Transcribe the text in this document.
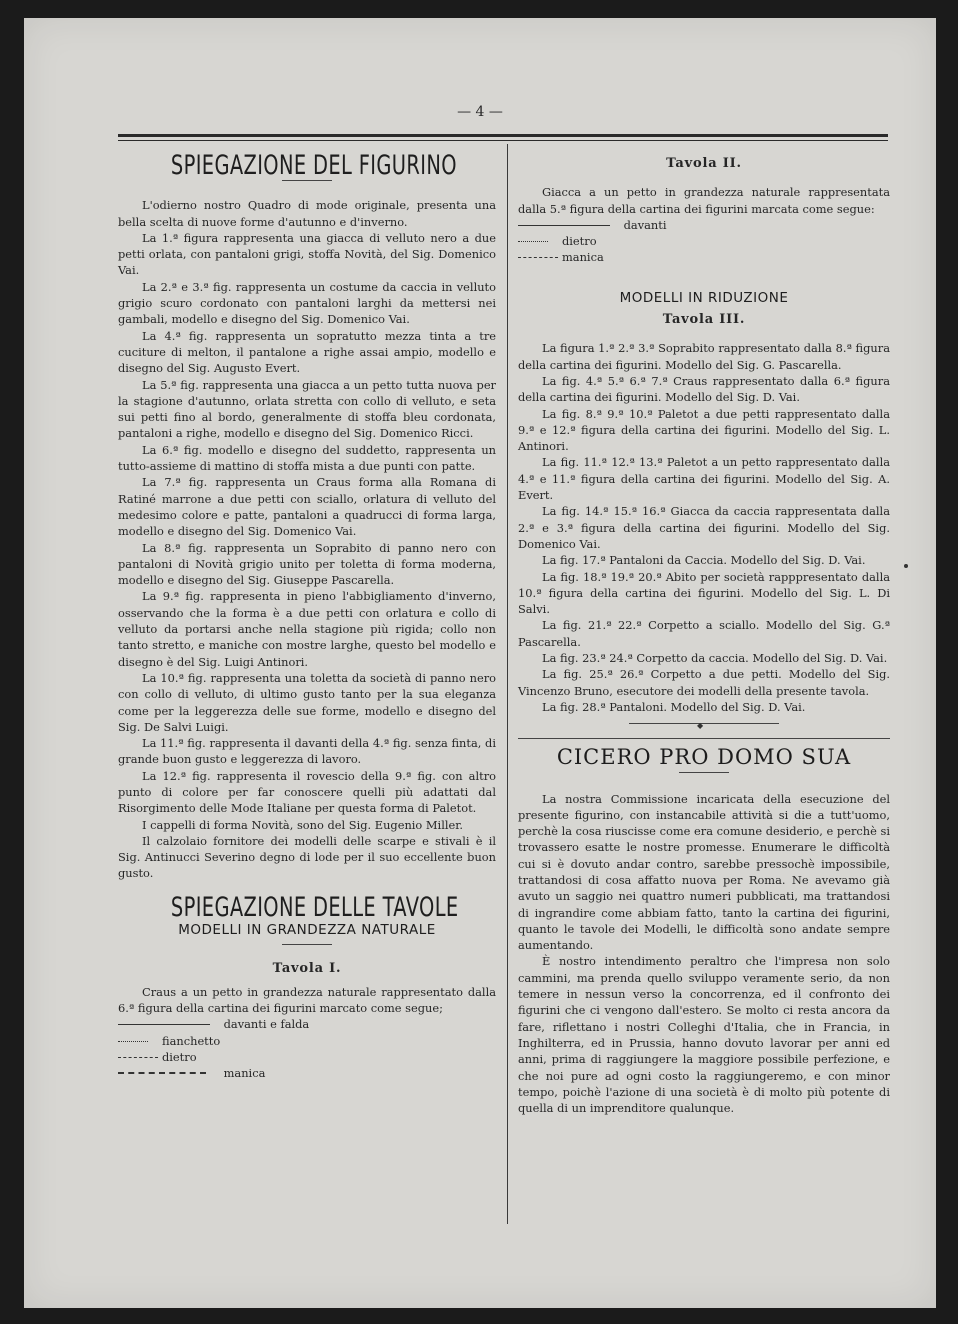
— 4 —
SPIEGAZIONE DEL FIGURINO

L'odierno nostro Quadro di mode originale, presenta una bella scelta di nuove forme d'autunno e d'inverno.

La 1.ª figura rappresenta una giacca di velluto nero a due petti orlata, con pantaloni grigi, stoffa Novità, del Sig. Domenico Vai.

La 2.ª e 3.ª fig. rappresenta un costume da caccia in velluto grigio scuro cordonato con pantaloni larghi da mettersi nei gambali, modello e disegno del Sig. Domenico Vai.

La 4.ª fig. rappresenta un sopratutto mezza tinta a tre cuciture di melton, il pantalone a righe assai ampio, modello e disegno del Sig. Augusto Evert.

La 5.ª fig. rappresenta una giacca a un petto tutta nuova per la stagione d'autunno, orlata stretta con collo di velluto, e seta sui petti fino al bordo, generalmente di stoffa bleu cordonata, pantaloni a righe, modello e disegno del Sig. Domenico Ricci.

La 6.ª fig. modello e disegno del suddetto, rappresenta un tutto-assieme di mattino di stoffa mista a due punti con patte.

La 7.ª fig. rappresenta un Craus forma alla Romana di Ratiné marrone a due petti con sciallo, orlatura di velluto del medesimo colore e patte, pantaloni a quadrucci di forma larga, modello e disegno del Sig. Domenico Vai.

La 8.ª fig. rappresenta un Soprabito di panno nero con pantaloni di Novità grigio unito per toletta di forma moderna, modello e disegno del Sig. Giuseppe Pascarella.

La 9.ª fig. rappresenta in pieno l'abbigliamento d'inverno, osservando che la forma è a due petti con orlatura e collo di velluto da portarsi anche nella stagione più rigida; collo non tanto stretto, e maniche con mostre larghe, questo bel modello e disegno è del Sig. Luigi Antinori.

La 10.ª fig. rappresenta una toletta da società di panno nero con collo di velluto, di ultimo gusto tanto per la sua eleganza come per la leggerezza delle sue forme, modello e disegno del Sig. De Salvi Luigi.

La 11.ª fig. rappresenta il davanti della 4.ª fig. senza finta, di grande buon gusto e leggerezza di lavoro.

La 12.ª fig. rappresenta il rovescio della 9.ª fig. con altro punto di colore per far conoscere quelli più adattati dal Risorgimento delle Mode Italiane per questa forma di Paletot.

I cappelli di forma Novità, sono del Sig. Eugenio Miller.

Il calzolaio fornitore dei modelli delle scarpe e stivali è il Sig. Antinucci Severino degno di lode per il suo eccellente buon gusto.

SPIEGAZIONE DELLE TAVOLE
MODELLI IN GRANDEZZA NATURALE
Tavola I.

Craus a un petto in grandezza naturale rappresentato dalla 6.ª figura della cartina dei figurini marcato come segue;

davanti e falda
fianchetto
dietro
manica
Tavola II.

Giacca a un petto in grandezza naturale rappresentata dalla 5.ª figura della cartina dei figurini marcata come segue:

davanti
dietro
manica
MODELLI IN RIDUZIONE
Tavola III.

La figura 1.ª 2.ª 3.ª Soprabito rappresentato dalla 8.ª figura della cartina dei figurini. Modello del Sig. G. Pascarella.

La fig. 4.ª 5.ª 6.ª 7.ª Craus rappresentato dalla 6.ª figura della cartina dei figurini. Modello del Sig. D. Vai.

La fig. 8.ª 9.ª 10.ª Paletot a due petti rappresentato dalla 9.ª e 12.ª figura della cartina dei figurini. Modello del Sig. L. Antinori.

La fig. 11.ª 12.ª 13.ª Paletot a un petto rappresentato dalla 4.ª e 11.ª figura della cartina dei figurini. Modello del Sig. A. Evert.

La fig. 14.ª 15.ª 16.ª Giacca da caccia rappresentata dalla 2.ª e 3.ª figura della cartina dei figurini. Modello del Sig. Domenico Vai.

La fig. 17.ª Pantaloni da Caccia. Modello del Sig. D. Vai.

La fig. 18.ª 19.ª 20.ª Abito per società rapppresentato dalla 10.ª figura della cartina dei figurini. Modello del Sig. L. Di Salvi.

La fig. 21.ª 22.ª Corpetto a sciallo. Modello del Sig. G.ª Pascarella.

La fig. 23.ª 24.ª Corpetto da caccia. Modello del Sig. D. Vai.

La fig. 25.ª 26.ª Corpetto a due petti. Modello del Sig. Vincenzo Bruno, esecutore dei modelli della presente tavola.

La fig. 28.ª Pantaloni. Modello del Sig. D. Vai.

◆
CICERO PRO DOMO SUA

La nostra Commissione incaricata della esecuzione del presente figurino, con instancabile attività si die a tutt'uomo, perchè la cosa riuscisse come era comune desiderio, e perchè si trovassero esatte le nostre promesse. Enumerare le difficoltà cui si è dovuto andar contro, sarebbe pressochè impossibile, trattandosi di cosa affatto nuova per Roma. Ne avevamo già avuto un saggio nei quattro numeri pubblicati, ma trattandosi di ingrandire come abbiam fatto, tanto la cartina dei figurini, quanto le tavole dei Modelli, le difficoltà sono andate sempre aumentando.

È nostro intendimento peraltro che l'impresa non solo cammini, ma prenda quello sviluppo veramente serio, da non temere in nessun verso la concorrenza, ed il confronto dei figurini che ci vengono dall'estero. Se molto ci resta ancora da fare, riflettano i nostri Colleghi d'Italia, che in Francia, in Inghilterra, ed in Prussia, hanno dovuto lavorar per anni ed anni, prima di raggiungere la maggiore possibile perfezione, e che noi pure ad ogni costo la raggiungeremo, e con minor tempo, poichè l'azione di una società è di molto più potente di quella di un imprenditore qualunque.
